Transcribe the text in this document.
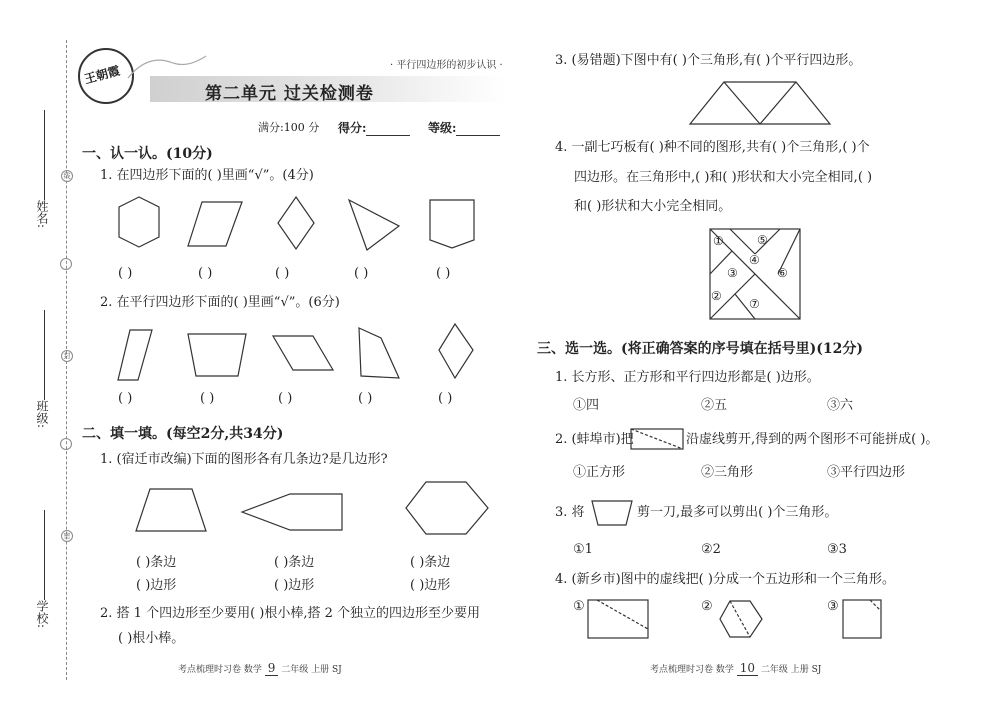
姓名:
班级:
学校:
线
封
密
王朝霞	· 平行四边形的初步认识 ·
第二单元 过关检测卷
满分:100 分 得分:	等级:
一、认一认。(10分)
1. 在四边形下面的( )里画“√”。(4分)
( )	( )	( )	( )	( )
2. 在平行四边形下面的( )里画“√”。(6分)
( )	( )	( )	( )	( )
二、填一填。(每空2分,共34分)
1. (宿迁市改编)下面的图形各有几条边?是几边形?
( )条边	( )条边	( )条边
( )边形	( )边形	( )边形
2. 搭 1 个四边形至少要用( )根小棒,搭 2 个独立的四边形至少要用
( )根小棒。
考点梳理时习卷 数学 9 二年级 上册 SJ
3. (易错题)下图中有( )个三角形,有( )个平行四边形。
4. 一副七巧板有( )种不同的图形,共有( )个三角形,( )个
四边形。在三角形中,( )和( )形状和大小完全相同,( )
和( )形状和大小完全相同。
①	⑤
④
③	⑥
②
⑦
三、选一选。(将正确答案的序号填在括号里)(12分)
1. 长方形、正方形和平行四边形都是( )边形。
①四	②五	③六
2. (蚌埠市)把	沿虚线剪开,得到的两个图形不可能拼成( )。
①正方形	②三角形	③平行四边形
3. 将	剪一刀,最多可以剪出( )个三角形。
①1	②2	③3
4. (新乡市)图中的虚线把( )分成一个五边形和一个三角形。
①	②	③
考点梳理时习卷 数学 10 二年级 上册 SJ
